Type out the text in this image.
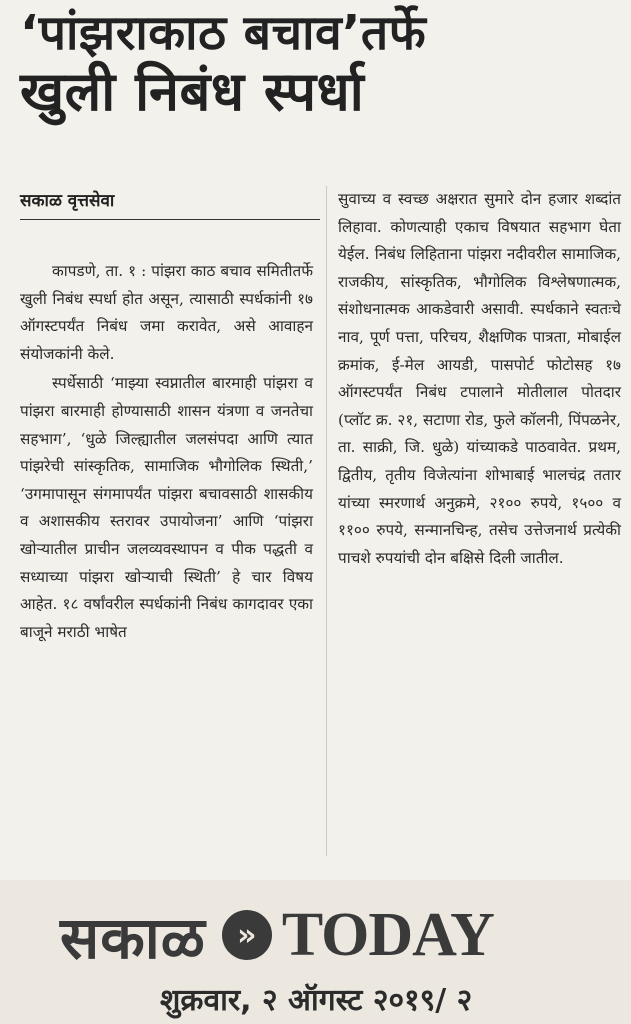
‘पांझराकाठ बचाव’तर्फे
खुली निबंध स्पर्धा
सकाळ वृत्तसेवा

कापडणे, ता. १ : पांझरा काठ बचाव समितीतर्फे खुली निबंध स्पर्धा होत असून, त्यासाठी स्पर्धकांनी १७ ऑगस्टपर्यंत निबंध जमा करावेत, असे आवाहन संयोजकांनी केले.

स्पर्धेसाठी ‘माझ्या स्वप्नातील बारमाही पांझरा व पांझरा बारमाही होण्यासाठी शासन यंत्रणा व जनतेचा सहभाग’, ‘धुळे जिल्ह्यातील जलसंपदा आणि त्यात पांझरेची सांस्कृतिक, सामाजिक भौगोलिक स्थिती,’ ‘उगमापासून संगमापर्यंत पांझरा बचावसाठी शासकीय व अशासकीय स्तरावर उपायोजना’ आणि ‘पांझरा खोऱ्यातील प्राचीन जलव्यवस्थापन व पीक पद्धती व सध्याच्या पांझरा खोऱ्याची स्थिती’ हे चार विषय आहेत. १८ वर्षांवरील स्पर्धकांनी निबंध कागदावर एका बाजूने मराठी भाषेत

सुवाच्य व स्वच्छ अक्षरात सुमारे दोन हजार शब्दांत लिहावा. कोणत्याही एकाच विषयात सहभाग घेता येईल. निबंध लिहिताना पांझरा नदीवरील सामाजिक, राजकीय, सांस्कृतिक, भौगोलिक विश्लेषणात्मक, संशोधनात्मक आकडेवारी असावी. स्पर्धकाने स्वतःचे नाव, पूर्ण पत्ता, परिचय, शैक्षणिक पात्रता, मोबाईल क्रमांक, ई-मेल आयडी, पासपोर्ट फोटोसह १७ ऑगस्टपर्यंत निबंध टपालाने मोतीलाल पोतदार (प्लॉट क्र. २१, सटाणा रोड, फुले कॉलनी, पिंपळनेर, ता. साक्री, जि. धुळे) यांच्याकडे पाठवावेत. प्रथम, द्वितीय, तृतीय विजेत्यांना शोभाबाई भालचंद्र ततार यांच्या स्मरणार्थ अनुक्रमे, २१०० रुपये, १५०० व ११०० रुपये, सन्मानचिन्ह, तसेच उत्तेजनार्थ प्रत्येकी पाचशे रुपयांची दोन बक्षिसे दिली जातील.

सकाळ	» TODAY
शुक्रवार, २ ऑगस्ट २०१९/ २
